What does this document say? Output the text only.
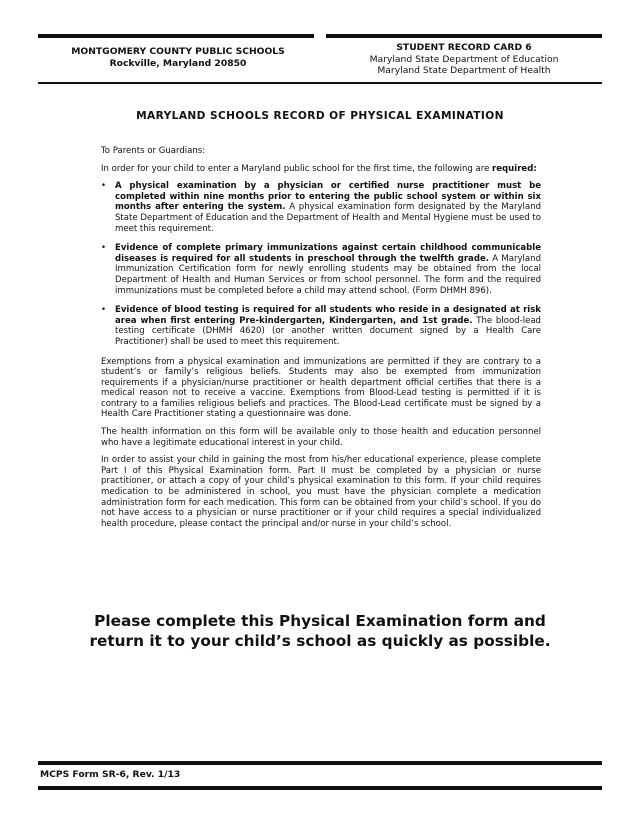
MONTGOMERY COUNTY PUBLIC SCHOOLS
Rockville, Maryland 20850
STUDENT RECORD CARD 6
Maryland State Department of Education
Maryland State Department of Health
MARYLAND SCHOOLS RECORD OF PHYSICAL EXAMINATION

To Parents or Guardians:

In order for your child to enter a Maryland public school for the first time, the following are required:

• A physical examination by a physician or certified nurse practitioner must be completed within nine months prior to entering the public school system or within six months after entering the system. A physical examination form designated by the Maryland State Department of Education and the Department of Health and Mental Hygiene must be used to meet this requirement.
• Evidence of complete primary immunizations against certain childhood communicable diseases is required for all students in preschool through the twelfth grade. A Maryland Immunization Certification form for newly enrolling students may be obtained from the local Department of Health and Human Services or from school personnel. The form and the required immunizations must be completed before a child may attend school. (Form DHMH 896).
• Evidence of blood testing is required for all students who reside in a designated at risk area when first entering Pre-kindergarten, Kindergarten, and 1st grade. The blood-lead testing certificate (DHMH 4620) (or another written document signed by a Health Care Practitioner) shall be used to meet this requirement.

Exemptions from a physical examination and immunizations are permitted if they are contrary to a student’s or family’s religious beliefs. Students may also be exempted from immunization requirements if a physician/nurse practitioner or health department official certifies that there is a medical reason not to receive a vaccine. Exemptions from Blood-Lead testing is permitted if it is contrary to a families religious beliefs and practices. The Blood-Lead certificate must be signed by a Health Care Practitioner stating a questionnaire was done.

The health information on this form will be available only to those health and education personnel who have a legitimate educational interest in your child.

In order to assist your child in gaining the most from his/her educational experience, please complete Part I of this Physical Examination form. Part II must be completed by a physician or nurse practitioner, or attach a copy of your child’s physical examination to this form. If your child requires medication to be administered in school, you must have the physician complete a medication administration form for each medication. This form can be obtained from your child’s school. If you do not have access to a physician or nurse practitioner or if your child requires a special individualized health procedure, please contact the principal and/or nurse in your child’s school.

Please complete this Physical Examination form and
return it to your child’s school as quickly as possible.
MCPS Form SR-6, Rev. 1/13
